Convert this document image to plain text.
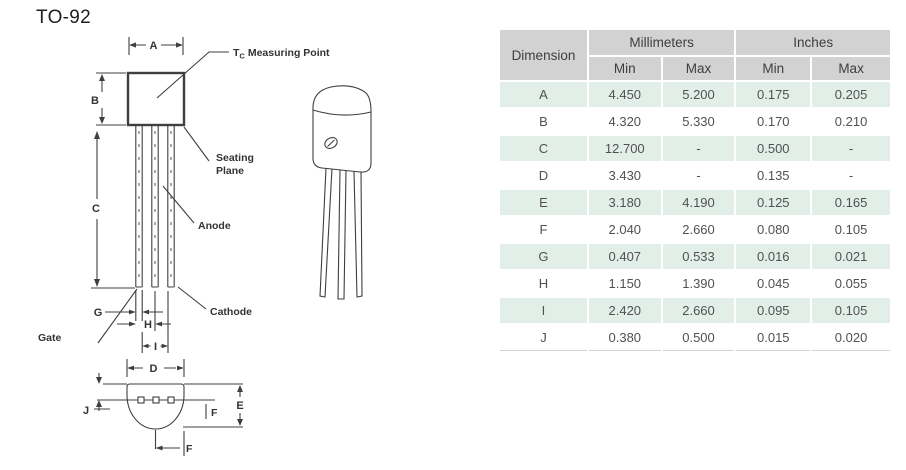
TO-92
A
$T_C$ Measuring Point
B
Seating
Plane
C
Anode
Cathode
G
Gate
H
I
D
J	E
F
F
Dimension	Millimeters		Inches	
	Min	Max	Min	Max
A	4.450	5.200	0.175	0.205
B	4.320	5.330	0.170	0.210
C	12.700	-	0.500	-
D	3.430	-	0.135	-
E	3.180	4.190	0.125	0.165
F	2.040	2.660	0.080	0.105
G	0.407	0.533	0.016	0.021
H	1.150	1.390	0.045	0.055
I	2.420	2.660	0.095	0.105
J	0.380	0.500	0.015	0.020
